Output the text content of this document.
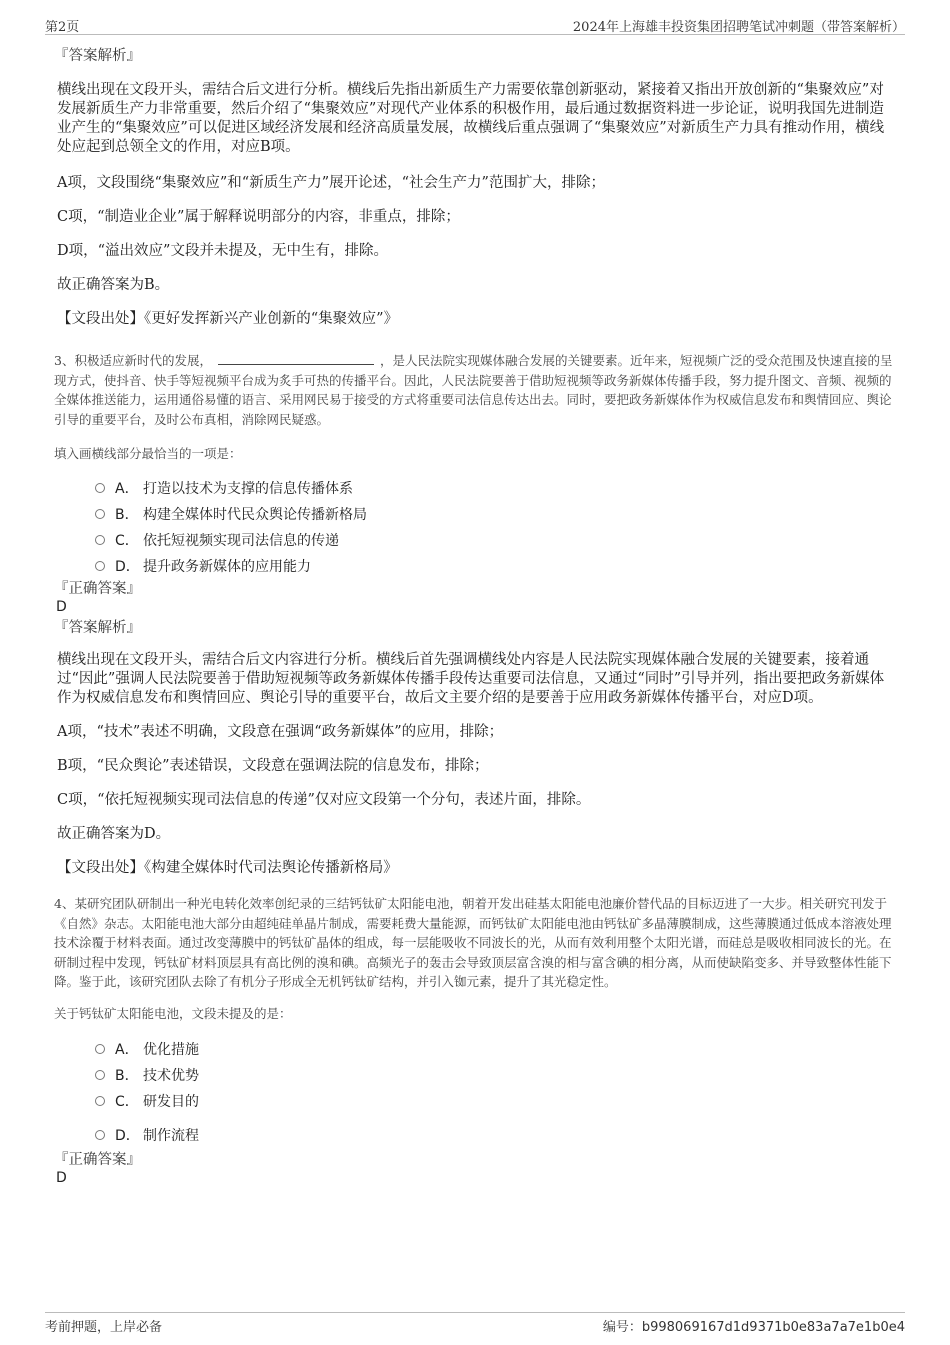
第2页	2024年上海雄丰投资集团招聘笔试冲刺题（带答案解析）

『答案解析』

横线出现在文段开头，需结合后文进行分析。横线后先指出新质生产力需要依靠创新驱动，紧接着又指出开放创新的“集聚效应”对发展新质生产力非常重要，然后介绍了“集聚效应”对现代产业体系的积极作用，最后通过数据资料进一步论证，说明我国先进制造业产生的“集聚效应”可以促进区域经济发展和经济高质量发展，故横线后重点强调了“集聚效应”对新质生产力具有推动作用，横线处应起到总领全文的作用，对应B项。

A项，文段围绕“集聚效应”和“新质生产力”展开论述，“社会生产力”范围扩大，排除；

C项，“制造业企业”属于解释说明部分的内容，非重点，排除；

D项，“溢出效应”文段并未提及，无中生有，排除。

故正确答案为B。

【文段出处】《更好发挥新兴产业创新的“集聚效应”》

3、积极适应新时代的发展，	，是人民法院实现媒体融合发展的关键要素。近年来，短视频广泛的受众范围及快速直接的呈现方式，使抖音、快手等短视频平台成为炙手可热的传播平台。因此，人民法院要善于借助短视频等政务新媒体传播手段，努力提升图文、音频、视频的全媒体推送能力，运用通俗易懂的语言、采用网民易于接受的方式将重要司法信息传达出去。同时，要把政务新媒体作为权威信息发布和舆情回应、舆论引导的重要平台，及时公布真相，消除网民疑惑。

填入画横线部分最恰当的一项是：

A． 打造以技术为支撑的信息传播体系
B． 构建全媒体时代民众舆论传播新格局
C． 依托短视频实现司法信息的传递
D． 提升政务新媒体的应用能力

『正确答案』

D

『答案解析』

横线出现在文段开头，需结合后文内容进行分析。横线后首先强调横线处内容是人民法院实现媒体融合发展的关键要素，接着通过“因此”强调人民法院要善于借助短视频等政务新媒体传播手段传达重要司法信息，又通过“同时”引导并列，指出要把政务新媒体作为权威信息发布和舆情回应、舆论引导的重要平台，故后文主要介绍的是要善于应用政务新媒体传播平台，对应D项。

A项，“技术”表述不明确，文段意在强调“政务新媒体”的应用，排除；

B项，“民众舆论”表述错误，文段意在强调法院的信息发布，排除；

C项，“依托短视频实现司法信息的传递”仅对应文段第一个分句，表述片面，排除。

故正确答案为D。

【文段出处】《构建全媒体时代司法舆论传播新格局》

4、某研究团队研制出一种光电转化效率创纪录的三结钙钛矿太阳能电池，朝着开发出硅基太阳能电池廉价替代品的目标迈进了一大步。相关研究刊发于《自然》杂志。太阳能电池大部分由超纯硅单晶片制成，需要耗费大量能源，而钙钛矿太阳能电池由钙钛矿多晶薄膜制成，这些薄膜通过低成本溶液处理技术涂覆于材料表面。通过改变薄膜中的钙钛矿晶体的组成，每一层能吸收不同波长的光，从而有效利用整个太阳光谱，而硅总是吸收相同波长的光。在研制过程中发现，钙钛矿材料顶层具有高比例的溴和碘。高频光子的轰击会导致顶层富含溴的相与富含碘的相分离，从而使缺陷变多、并导致整体性能下降。鉴于此，该研究团队去除了有机分子形成全无机钙钛矿结构，并引入铷元素，提升了其光稳定性。

关于钙钛矿太阳能电池，文段未提及的是：

A． 优化措施
B． 技术优势
C． 研发目的
D． 制作流程

『正确答案』

D

考前押题，上岸必备	编号：b998069167d1d9371b0e83a7a7e1b0e4
